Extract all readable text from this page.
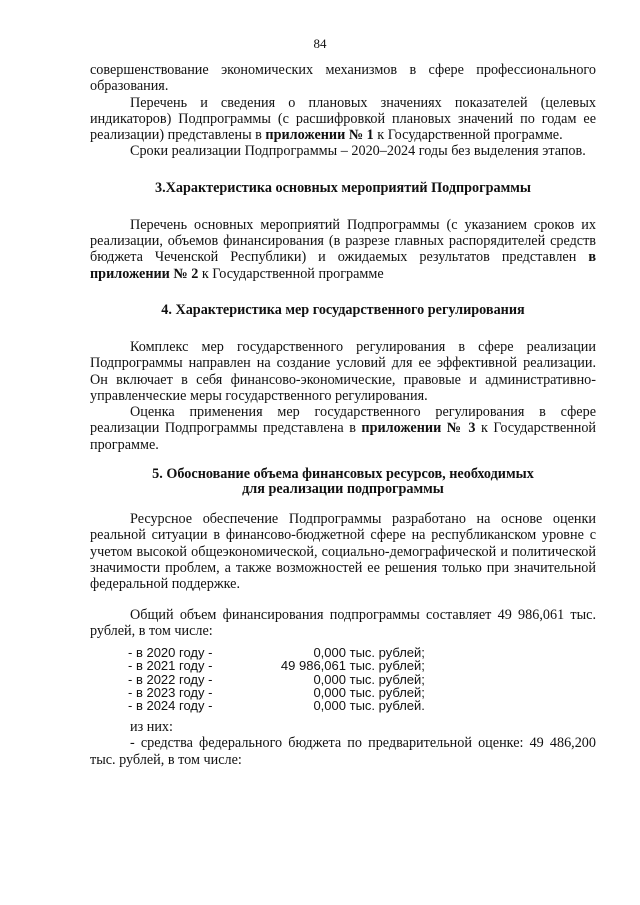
84

совершенствование экономических механизмов в сфере профессионального образования.

Перечень и сведения о плановых значениях показателей (целевых индикаторов) Подпрограммы (с расшифровкой плановых значений по годам ее реализации) представлены в приложении № 1 к Государственной программе.

Сроки реализации Подпрограммы – 2020–2024 годы без выделения этапов.

3.Характеристика основных мероприятий Подпрограммы

Перечень основных мероприятий Подпрограммы (с указанием сроков их реализации, объемов финансирования (в разрезе главных распорядителей средств бюджета Чеченской Республики) и ожидаемых результатов представлен в приложении № 2 к Государственной программе

4. Характеристика мер государственного регулирования

Комплекс мер государственного регулирования в сфере реализации Подпрограммы направлен на создание условий для ее эффективной реализации. Он включает в себя финансово-экономические, правовые и административно-управленческие меры государственного регулирования.

Оценка применения мер государственного регулирования в сфере реализации Подпрограммы представлена в приложении № 3 к Государственной программе.

5. Обоснование объема финансовых ресурсов, необходимых
для реализации подпрограммы

Ресурсное обеспечение Подпрограммы разработано на основе оценки реальной ситуации в финансово-бюджетной сфере на республиканском уровне с учетом высокой общеэкономической, социально-демографической и политической значимости проблем, а также возможностей ее решения только при значительной федеральной поддержке.

Общий объем финансирования подпрограммы составляет 49 986,061 тыс. рублей, в том числе:

- в 2020 году -	0,000 тыс. рублей;
- в 2021 году -	49 986,061 тыс. рублей;
- в 2022 году -	0,000 тыс. рублей;
- в 2023 году -	0,000 тыс. рублей;
- в 2024 году -	0,000 тыс. рублей.

из них:

- средства федерального бюджета по предварительной оценке: 49 486,200 тыс. рублей, в том числе:
